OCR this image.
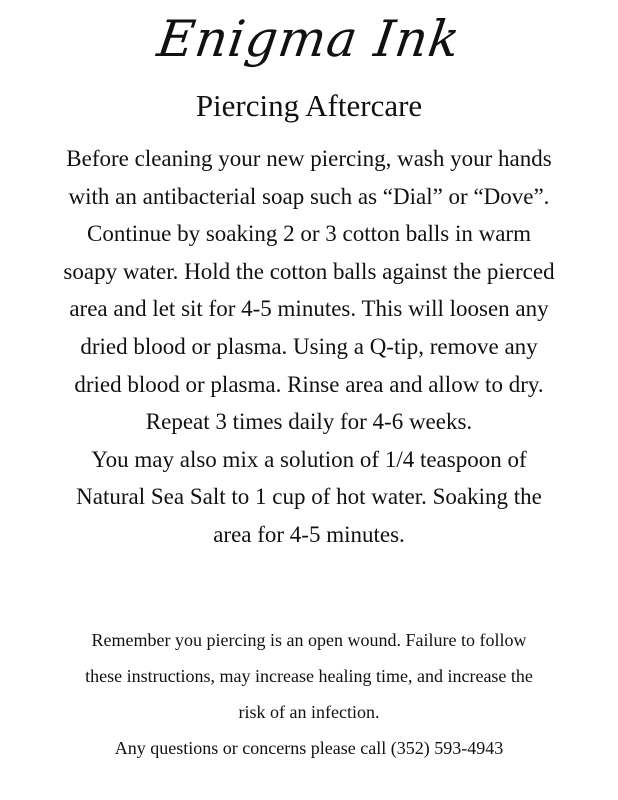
Enigma Ink
Piercing Aftercare
Before cleaning your new piercing, wash your hands
with an antibacterial soap such as “Dial” or “Dove”.
Continue by soaking 2 or 3 cotton balls in warm
soapy water. Hold the cotton balls against the pierced
area and let sit for 4-5 minutes. This will loosen any
dried blood or plasma. Using a Q-tip, remove any
dried blood or plasma. Rinse area and allow to dry.
Repeat 3 times daily for 4-6 weeks.
You may also mix a solution of 1/4 teaspoon of
Natural Sea Salt to 1 cup of hot water. Soaking the
area for 4-5 minutes.
Remember you piercing is an open wound. Failure to follow
these instructions, may increase healing time, and increase the
risk of an infection.
Any questions or concerns please call (352) 593-4943
